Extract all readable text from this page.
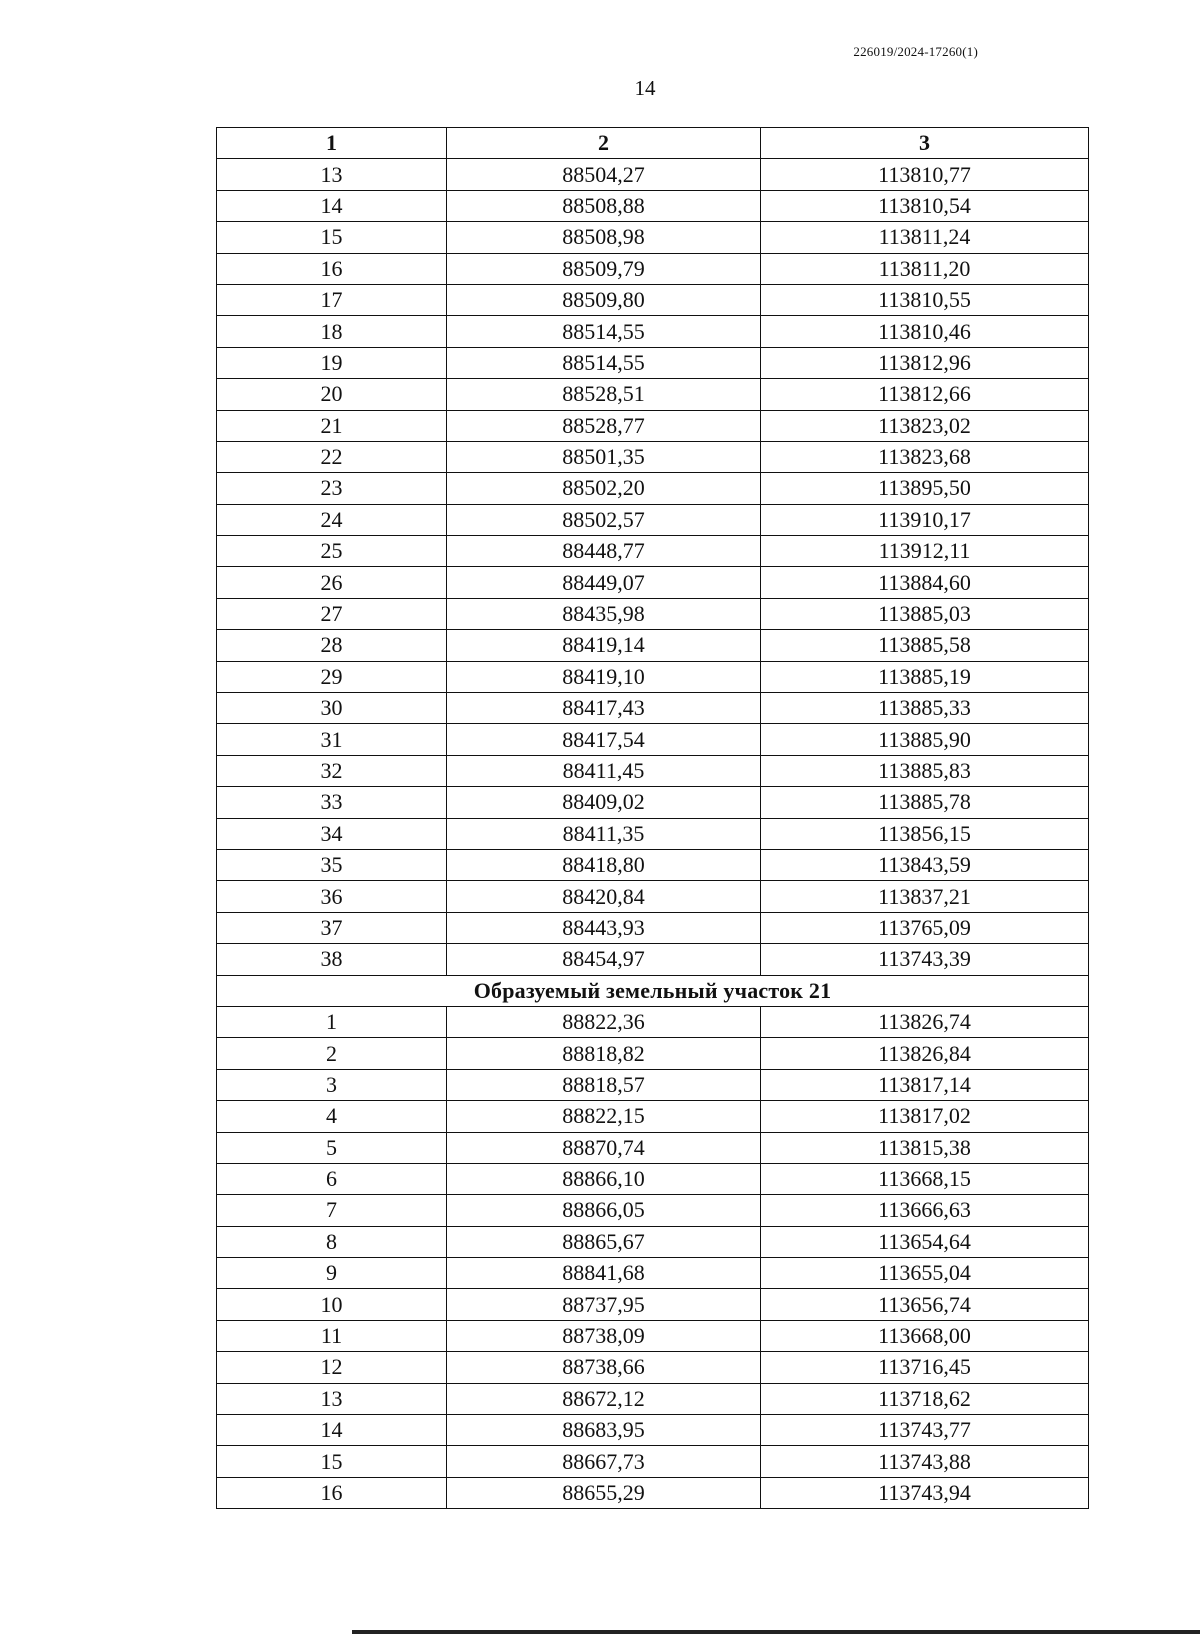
226019/2024-17260(1)
14
1	2	3
13	88504,27	113810,77
14	88508,88	113810,54
15	88508,98	113811,24
16	88509,79	113811,20
17	88509,80	113810,55
18	88514,55	113810,46
19	88514,55	113812,96
20	88528,51	113812,66
21	88528,77	113823,02
22	88501,35	113823,68
23	88502,20	113895,50
24	88502,57	113910,17
25	88448,77	113912,11
26	88449,07	113884,60
27	88435,98	113885,03
28	88419,14	113885,58
29	88419,10	113885,19
30	88417,43	113885,33
31	88417,54	113885,90
32	88411,45	113885,83
33	88409,02	113885,78
34	88411,35	113856,15
35	88418,80	113843,59
36	88420,84	113837,21
37	88443,93	113765,09
38	88454,97	113743,39
Образуемый земельный участок 21		
1	88822,36	113826,74
2	88818,82	113826,84
3	88818,57	113817,14
4	88822,15	113817,02
5	88870,74	113815,38
6	88866,10	113668,15
7	88866,05	113666,63
8	88865,67	113654,64
9	88841,68	113655,04
10	88737,95	113656,74
11	88738,09	113668,00
12	88738,66	113716,45
13	88672,12	113718,62
14	88683,95	113743,77
15	88667,73	113743,88
16	88655,29	113743,94
